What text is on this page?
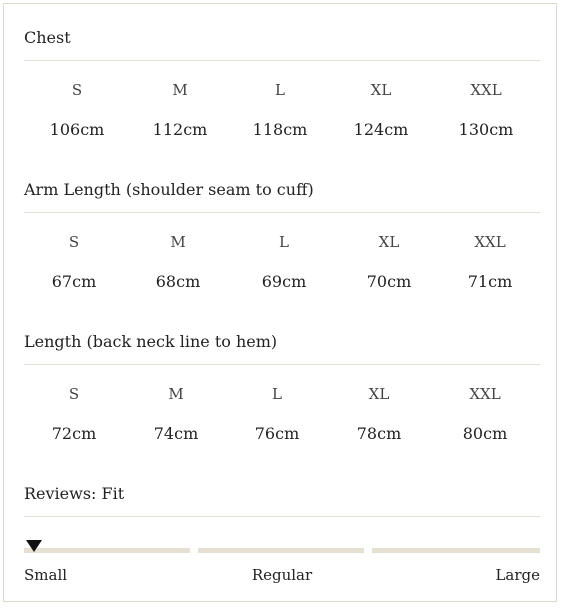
Chest
S	M	L	XL	XXL
106cm	112cm	118cm	124cm	130cm
Arm Length (shoulder seam to cuff)
S	M	L	XL	XXL
67cm	68cm	69cm	70cm	71cm
Length (back neck line to hem)
S	M	L	XL	XXL
72cm	74cm	76cm	78cm	80cm
Reviews: Fit
Small	Regular	Large
